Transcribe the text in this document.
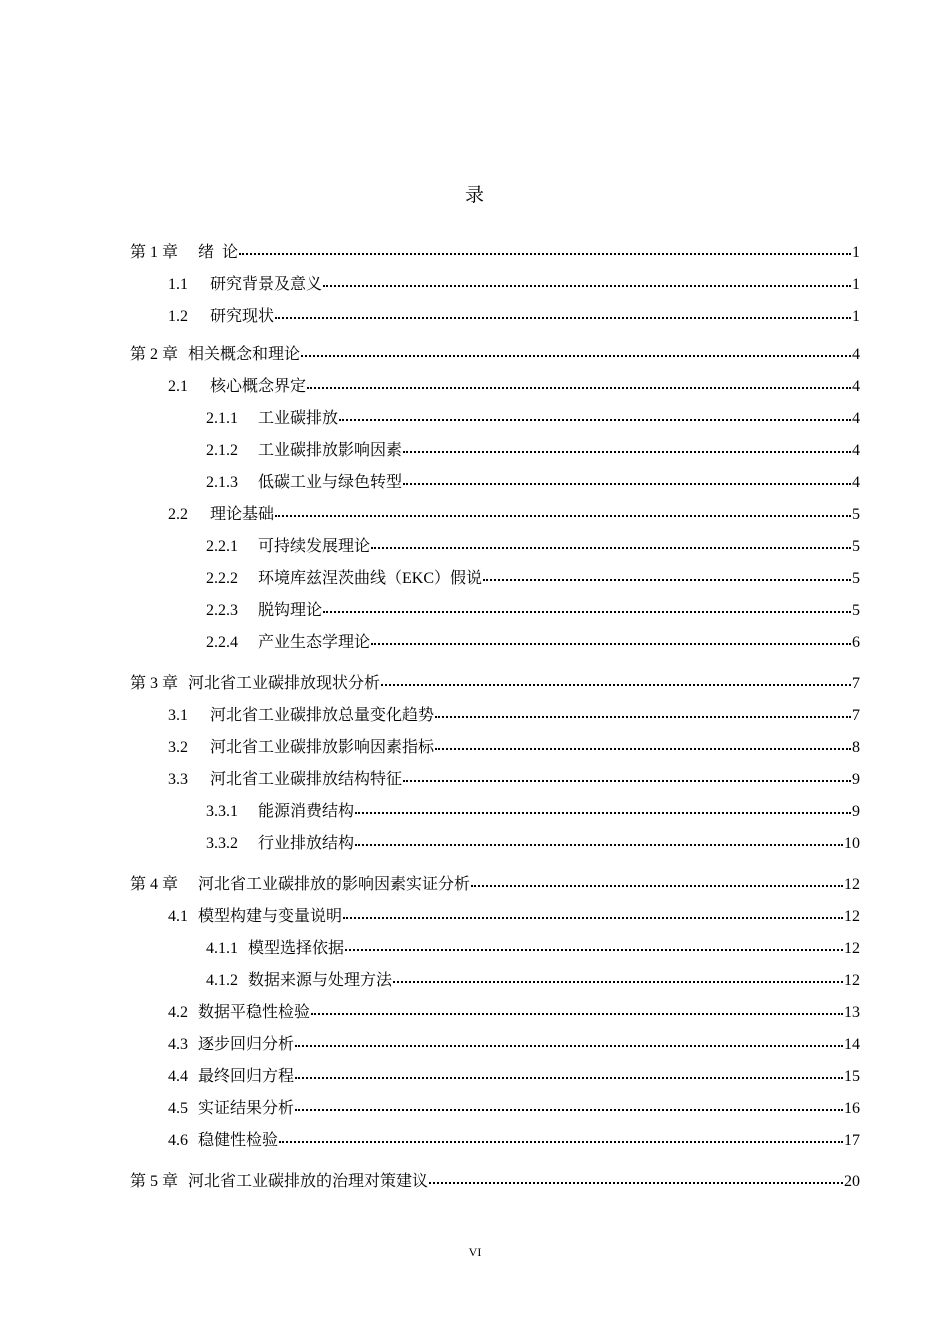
录
第 1 章 绪  论	1
1.1 研究背景及意义	1
1.2 研究现状	1
第 2 章 相关概念和理论	4
2.1 核心概念界定	4
2.1.1 工业碳排放	4
2.1.2 工业碳排放影响因素	4
2.1.3 低碳工业与绿色转型	4
2.2 理论基础	5
2.2.1 可持续发展理论	5
2.2.2 环境库兹涅茨曲线（EKC）假说	5
2.2.3 脱钩理论	5
2.2.4 产业生态学理论	6
第 3 章 河北省工业碳排放现状分析	7
3.1 河北省工业碳排放总量变化趋势	7
3.2 河北省工业碳排放影响因素指标	8
3.3 河北省工业碳排放结构特征	9
3.3.1 能源消费结构	9
3.3.2 行业排放结构	10
第 4 章 河北省工业碳排放的影响因素实证分析	12
4.1 模型构建与变量说明	12
4.1.1 模型选择依据	12
4.1.2 数据来源与处理方法	12
4.2 数据平稳性检验	13
4.3 逐步回归分析	14
4.4 最终回归方程	15
4.5 实证结果分析	16
4.6 稳健性检验	17
第 5 章 河北省工业碳排放的治理对策建议	20
VI
